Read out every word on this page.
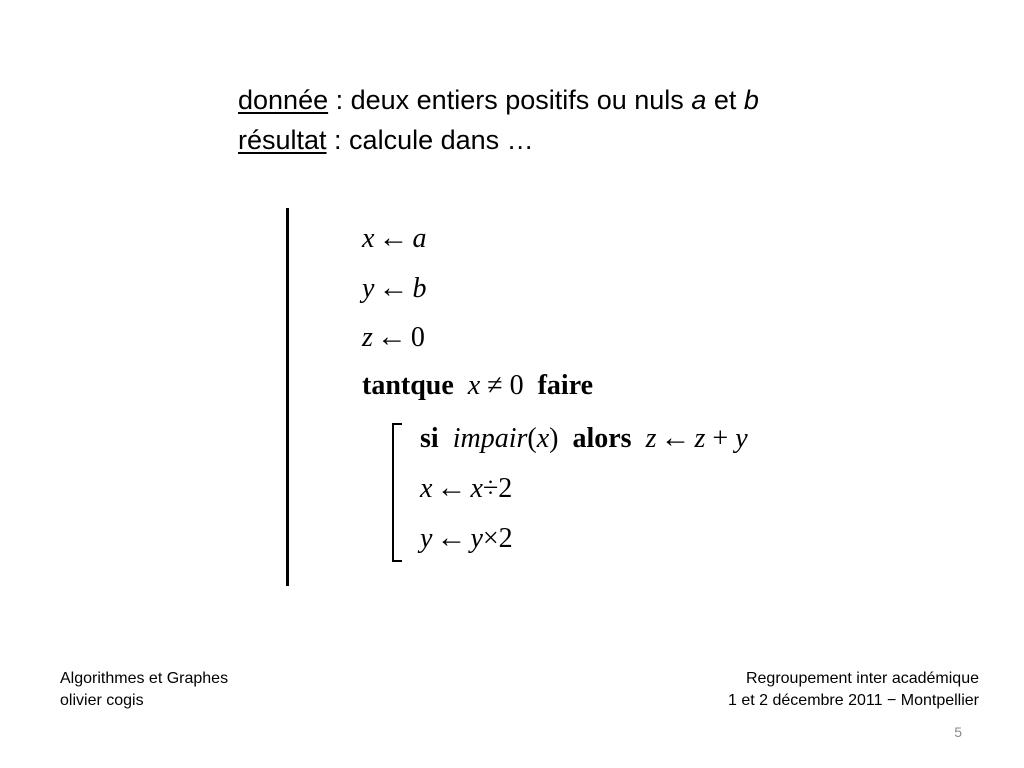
donnée : deux entiers positifs ou nuls a et b
résultat : calcule dans …
x ← a
y ← b
z ← 0
tantque x ≠ 0 faire
si impair(x) alors z ← z + y
x ← x÷2
y ← y×2
Algorithmes et Graphes
olivier cogis
Regroupement inter académique
1 et 2 décembre 2011 − Montpellier
5
